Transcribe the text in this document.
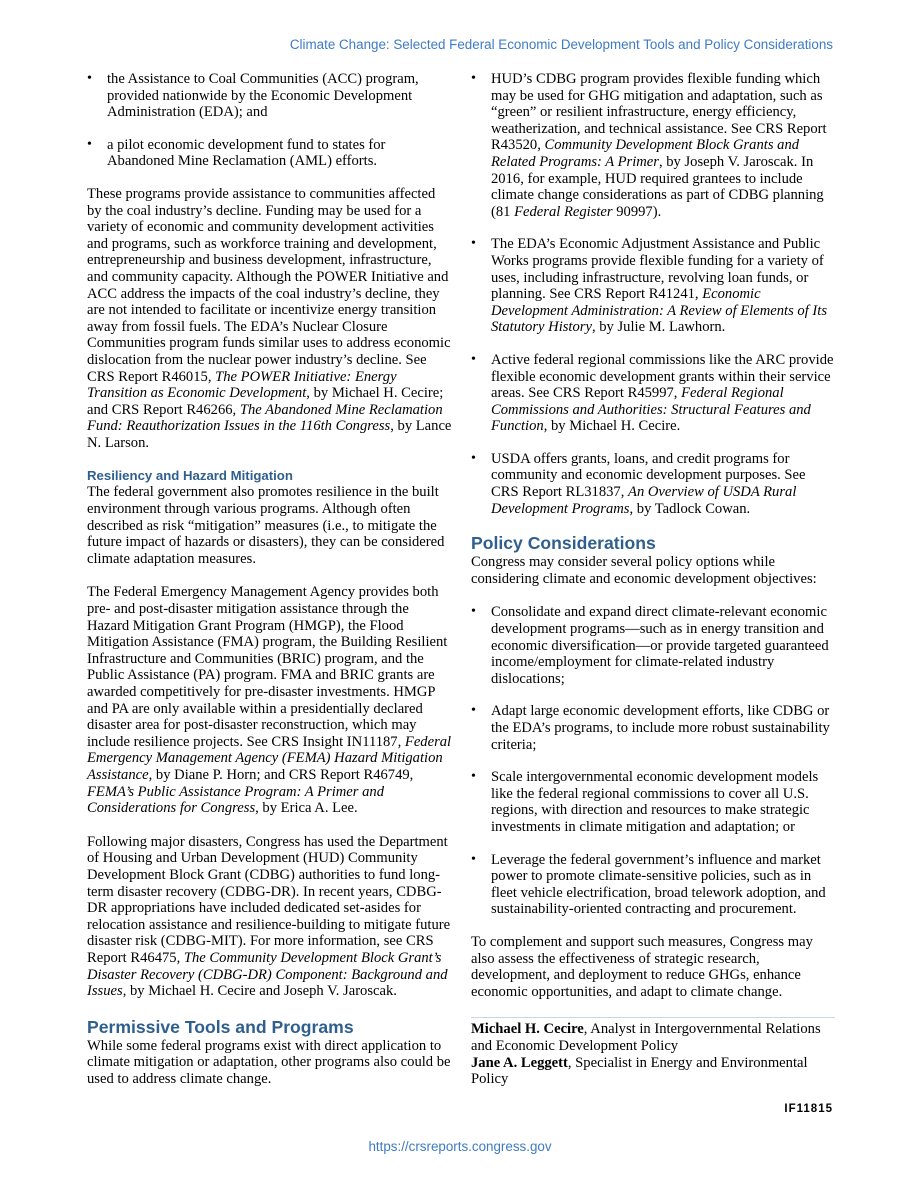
Climate Change: Selected Federal Economic Development Tools and Policy Considerations
• the Assistance to Coal Communities (ACC) program, provided nationwide by the Economic Development Administration (EDA); and
• a pilot economic development fund to states for Abandoned Mine Reclamation (AML) efforts.

These programs provide assistance to communities affected by the coal industry’s decline. Funding may be used for a variety of economic and community development activities and programs, such as workforce training and development, entrepreneurship and business development, infrastructure, and community capacity. Although the POWER Initiative and ACC address the impacts of the coal industry’s decline, they are not intended to facilitate or incentivize energy transition away from fossil fuels. The EDA’s Nuclear Closure Communities program funds similar uses to address economic dislocation from the nuclear power industry’s decline. See CRS Report R46015, The POWER Initiative: Energy Transition as Economic Development, by Michael H. Cecire; and CRS Report R46266, The Abandoned Mine Reclamation Fund: Reauthorization Issues in the 116th Congress, by Lance N. Larson.

Resiliency and Hazard Mitigation

The federal government also promotes resilience in the built environment through various programs. Although often described as risk “mitigation” measures (i.e., to mitigate the future impact of hazards or disasters), they can be considered climate adaptation measures.

The Federal Emergency Management Agency provides both pre- and post-disaster mitigation assistance through the Hazard Mitigation Grant Program (HMGP), the Flood Mitigation Assistance (FMA) program, the Building Resilient Infrastructure and Communities (BRIC) program, and the Public Assistance (PA) program. FMA and BRIC grants are awarded competitively for pre-disaster investments. HMGP and PA are only available within a presidentially declared disaster area for post-disaster reconstruction, which may include resilience projects. See CRS Insight IN11187, Federal Emergency Management Agency (FEMA) Hazard Mitigation Assistance, by Diane P. Horn; and CRS Report R46749, FEMA’s Public Assistance Program: A Primer and Considerations for Congress, by Erica A. Lee.

Following major disasters, Congress has used the Department of Housing and Urban Development (HUD) Community Development Block Grant (CDBG) authorities to fund long-term disaster recovery (CDBG-DR). In recent years, CDBG-DR appropriations have included dedicated set-asides for relocation assistance and resilience-building to mitigate future disaster risk (CDBG-MIT). For more information, see CRS Report R46475, The Community Development Block Grant’s Disaster Recovery (CDBG-DR) Component: Background and Issues, by Michael H. Cecire and Joseph V. Jaroscak.

Permissive Tools and Programs

While some federal programs exist with direct application to climate mitigation or adaptation, other programs also could be used to address climate change.

• HUD’s CDBG program provides flexible funding which may be used for GHG mitigation and adaptation, such as “green” or resilient infrastructure, energy efficiency, weatherization, and technical assistance. See CRS Report R43520, Community Development Block Grants and Related Programs: A Primer, by Joseph V. Jaroscak. In 2016, for example, HUD required grantees to include climate change considerations as part of CDBG planning (81 Federal Register 90997).
• The EDA’s Economic Adjustment Assistance and Public Works programs provide flexible funding for a variety of uses, including infrastructure, revolving loan funds, or planning. See CRS Report R41241, Economic Development Administration: A Review of Elements of Its Statutory History, by Julie M. Lawhorn.
• Active federal regional commissions like the ARC provide flexible economic development grants within their service areas. See CRS Report R45997, Federal Regional Commissions and Authorities: Structural Features and Function, by Michael H. Cecire.
• USDA offers grants, loans, and credit programs for community and economic development purposes. See CRS Report RL31837, An Overview of USDA Rural Development Programs, by Tadlock Cowan.
Policy Considerations

Congress may consider several policy options while considering climate and economic development objectives:

• Consolidate and expand direct climate-relevant economic development programs—such as in energy transition and economic diversification—or provide targeted guaranteed income/employment for climate-related industry dislocations;
• Adapt large economic development efforts, like CDBG or the EDA’s programs, to include more robust sustainability criteria;
• Scale intergovernmental economic development models like the federal regional commissions to cover all U.S. regions, with direction and resources to make strategic investments in climate mitigation and adaptation; or
• Leverage the federal government’s influence and market power to promote climate-sensitive policies, such as in fleet vehicle electrification, broad telework adoption, and sustainability-oriented contracting and procurement.

To complement and support such measures, Congress may also assess the effectiveness of strategic research, development, and deployment to reduce GHGs, enhance economic opportunities, and adapt to climate change.

Michael H. Cecire, Analyst in Intergovernmental Relations and Economic Development Policy
Jane A. Leggett, Specialist in Energy and Environmental Policy
IF11815
https://crsreports.congress.gov
